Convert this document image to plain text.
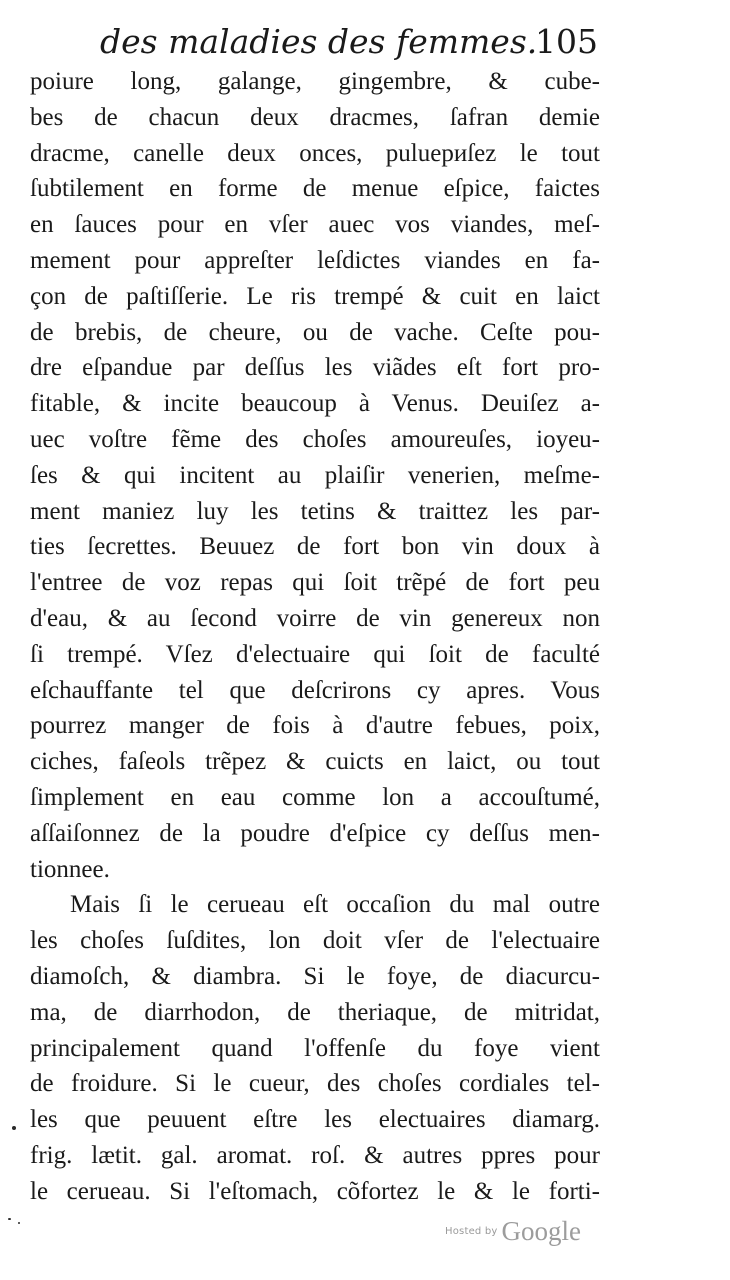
des maladies des femmes.
105
poiure long, galange, gingembre, & cube-
bes de chacun deux dracmes, ſafran demie
dracme, canelle deux onces, puluериſez le tout
ſubtilement en forme de menue eſpice, faictes
en ſauces pour en vſer auec vos viandes, meſ-
mement pour appreſter leſdictes viandes en fa-
çon de paſtiſſerie. Le ris trempé & cuit en laict
de brebis, de cheure, ou de vache. Ceſte pou-
dre eſpandue par deſſus les viãdes eſt fort pro-
fitable, & incite beaucoup à Venus. Deuiſez a-
uec voſtre fẽme des choſes amoureuſes, ioyeu-
ſes & qui incitent au plaiſir venerien, meſme-
ment maniez luy les tetins & traittez les par-
ties ſecrettes. Beuuez de fort bon vin doux à
l'entree de voz repas qui ſoit trẽpé de fort peu
d'eau, & au ſecond voirre de vin genereux non
ſi trempé. Vſez d'electuaire qui ſoit de faculté
eſchauffante tel que deſcrirons cy apres. Vous
pourrez manger de fois à d'autre febues, poix,
ciches, faſeols trẽpez & cuicts en laict, ou tout
ſimplement en eau comme lon a accouſtumé,
aſſaiſonnez de la poudre d'eſpice cy deſſus men-
tionnee.
Mais ſi le cerueau eſt occaſion du mal outre
les choſes ſuſdites, lon doit vſer de l'electuaire
diamoſch, & diambra. Si le foye, de diacurcu-
ma, de diarrhodon, de theriaque, de mitridat,
principalement quand l'offenſe du foye vient
de froidure. Si le cueur, des choſes cordiales tel-
les que peuuent eſtre les electuaires diamarg.
frig. lætit. gal. aromat. roſ. & autres ppres pour
le cerueau. Si l'eſtomach, cõfortez le & le forti-
Hosted by Google
